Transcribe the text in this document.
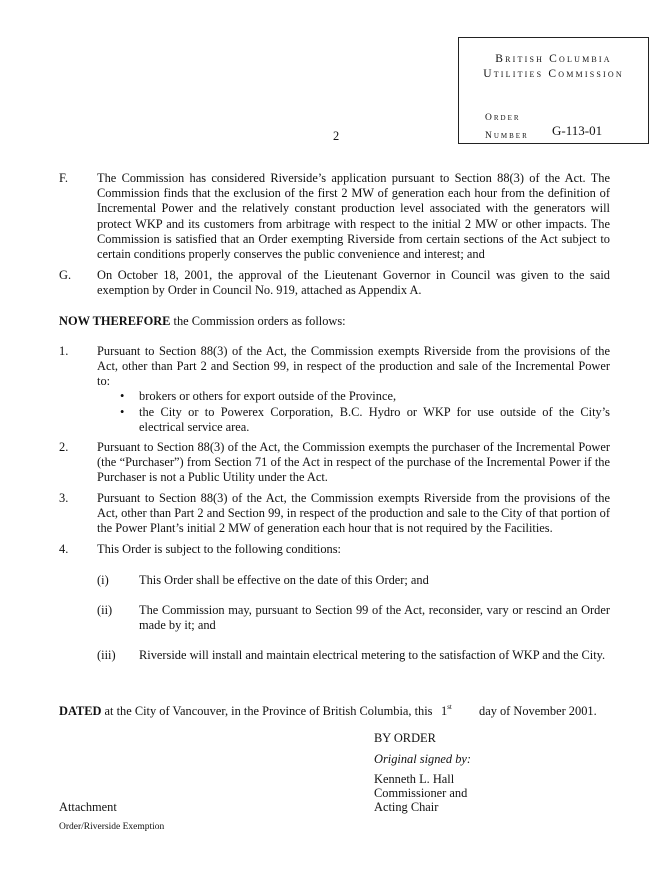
2
British Columbia
Utilities Commission
Order
Number G-113-01
F. The Commission has considered Riverside’s application pursuant to Section 88(3) of the Act. The Commission finds that the exclusion of the first 2 MW of generation each hour from the definition of Incremental Power and the relatively constant production level associated with the generators will protect WKP and its customers from arbitrage with respect to the initial 2 MW or other impacts. The Commission is satisfied that an Order exempting Riverside from certain sections of the Act subject to certain conditions properly conserves the public convenience and interest; and
G. On October 18, 2001, the approval of the Lieutenant Governor in Council was given to the said exemption by Order in Council No. 919, attached as Appendix A.
NOW THEREFORE the Commission orders as follows:
1. Pursuant to Section 88(3) of the Act, the Commission exempts Riverside from the provisions of the Act, other than Part 2 and Section 99, in respect of the production and sale of the Incremental Power to:
• brokers or others for export outside of the Province,
• the City or to Powerex Corporation, B.C. Hydro or WKP for use outside of the City’s electrical service area.
2. Pursuant to Section 88(3) of the Act, the Commission exempts the purchaser of the Incremental Power (the “Purchaser”) from Section 71 of the Act in respect of the purchase of the Incremental Power if the Purchaser is not a Public Utility under the Act.
3. Pursuant to Section 88(3) of the Act, the Commission exempts Riverside from the provisions of the Act, other than Part 2 and Section 99, in respect of the production and sale to the City of that portion of the Power Plant’s initial 2 MW of generation each hour that is not required by the Facilities.
4. This Order is subject to the following conditions:
(i) This Order shall be effective on the date of this Order; and
(ii) The Commission may, pursuant to Section 99 of the Act, reconsider, vary or rescind an Order made by it; and
(iii) Riverside will install and maintain electrical metering to the satisfaction of WKP and the City.
DATED at the City of Vancouver, in the Province of British Columbia, this 1st day of November 2001.
BY ORDER
Original signed by:
Kenneth L. Hall
Commissioner and
Acting Chair
Attachment
Order/Riverside Exemption
